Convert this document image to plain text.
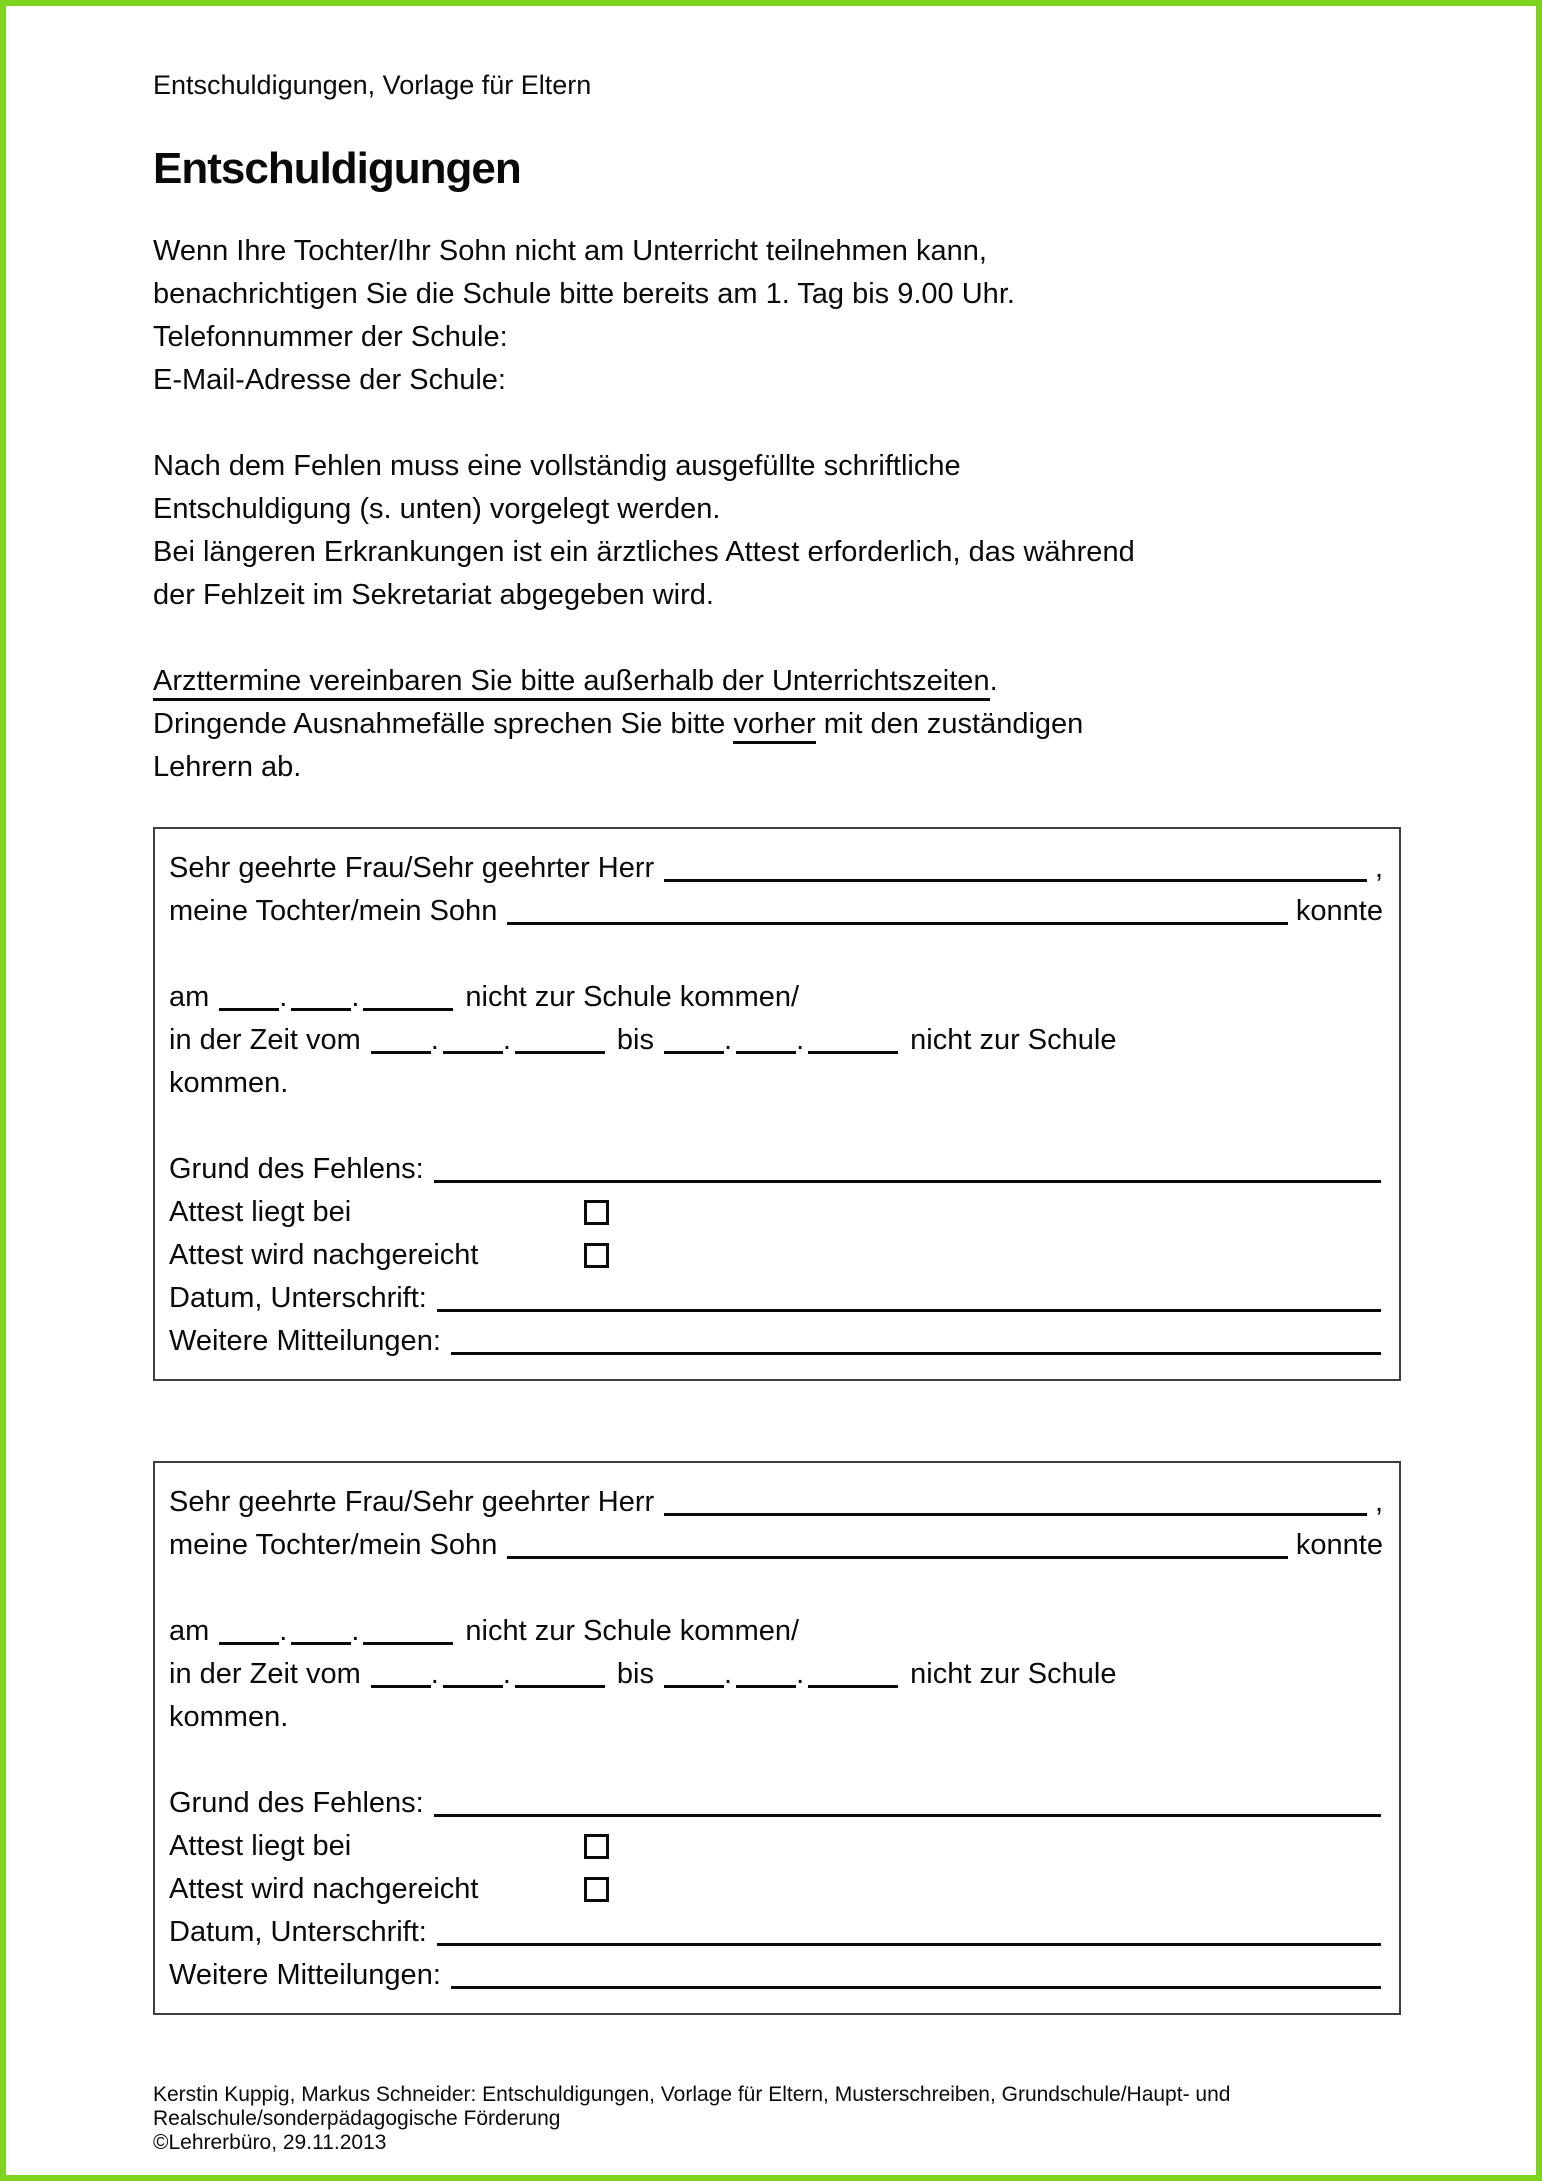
Entschuldigungen, Vorlage für Eltern
Entschuldigungen
Wenn Ihre Tochter/Ihr Sohn nicht am Unterricht teilnehmen kann,
benachrichtigen Sie die Schule bitte bereits am 1. Tag bis 9.00 Uhr.
Telefonnummer der Schule:
E-Mail-Adresse der Schule:
Nach dem Fehlen muss eine vollständig ausgefüllte schriftliche
Entschuldigung (s. unten) vorgelegt werden.
Bei längeren Erkrankungen ist ein ärztliches Attest erforderlich, das während
der Fehlzeit im Sekretariat abgegeben wird.
Arzttermine vereinbaren Sie bitte außerhalb der Unterrichtszeiten.
Dringende Ausnahmefälle sprechen Sie bitte vorher mit den zuständigen
Lehrern ab.
Sehr geehrte Frau/Sehr geehrter Herr	,
meine Tochter/mein Sohn	konnte
am . .	nicht zur Schule kommen/
in der Zeit vom . .	bis . .	nicht zur Schule
kommen.
Grund des Fehlens:
Attest liegt bei
Attest wird nachgereicht
Datum, Unterschrift:
Weitere Mitteilungen:
Sehr geehrte Frau/Sehr geehrter Herr	,
meine Tochter/mein Sohn	konnte
am . .	nicht zur Schule kommen/
in der Zeit vom . .	bis . .	nicht zur Schule
kommen.
Grund des Fehlens:
Attest liegt bei
Attest wird nachgereicht
Datum, Unterschrift:
Weitere Mitteilungen:
Kerstin Kuppig, Markus Schneider: Entschuldigungen, Vorlage für Eltern, Musterschreiben, Grundschule/Haupt- und
Realschule/sonderpädagogische Förderung
©Lehrerbüro, 29.11.2013
